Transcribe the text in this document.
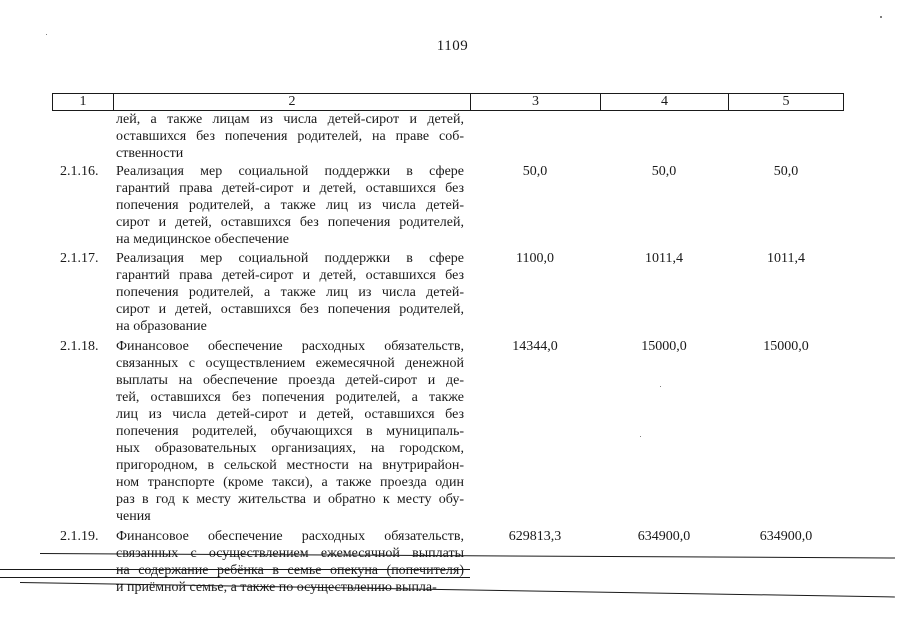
1109
1	2	3	4	5
лей, а также лицам из числа детей-сирот и детей,
оставшихся без попечения родителей, на праве соб-
ственности
2.1.16.	Реализация мер социальной поддержки в сфере
гарантий права детей-сирот и детей, оставшихся без
попечения родителей, а также лиц из числа детей-
сирот и детей, оставшихся без попечения родителей,
на медицинское обеспечение
50,0	50,0	50,0
2.1.17.	Реализация мер социальной поддержки в сфере
гарантий права детей-сирот и детей, оставшихся без
попечения родителей, а также лиц из числа детей-
сирот и детей, оставшихся без попечения родителей,
на образование
1100,0	1011,4	1011,4
2.1.18.	Финансовое обеспечение расходных обязательств,
связанных с осуществлением ежемесячной денежной
выплаты на обеспечение проезда детей-сирот и де-
тей, оставшихся без попечения родителей, а также
лиц из числа детей-сирот и детей, оставшихся без
попечения родителей, обучающихся в муниципаль-
ных образовательных организациях, на городском,
пригородном, в сельской местности на внутрирайон-
ном транспорте (кроме такси), а также проезда один
раз в год к месту жительства и обратно к месту обу-
чения
14344,0	15000,0	15000,0
2.1.19.	Финансовое обеспечение расходных обязательств,
связанных с осуществлением ежемесячной выплаты
на содержание ребёнка в семье опекуна (попечителя)
и приёмной семье, а также по осуществлению выпла-
629813,3	634900,0	634900,0
